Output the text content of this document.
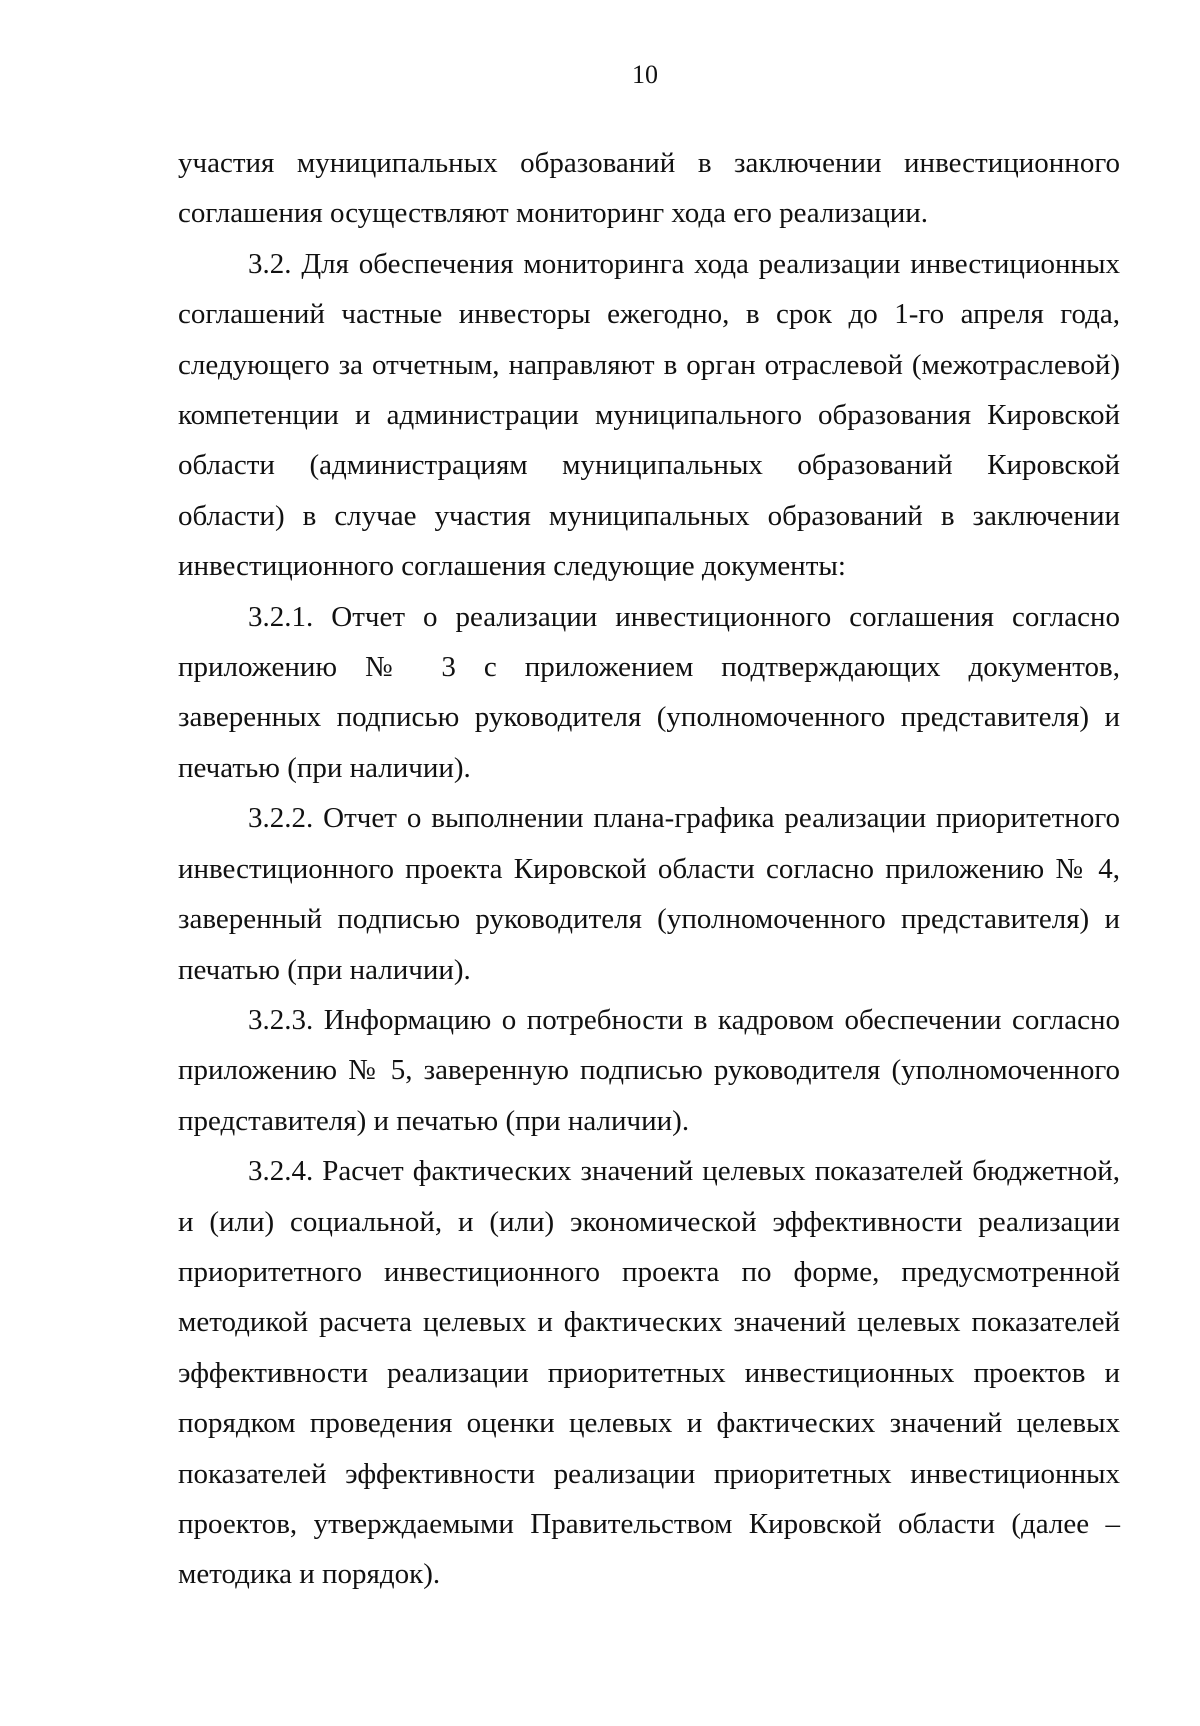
10

участия муниципальных образований в заключении инвестиционного соглашения осуществляют мониторинг хода его реализации.

3.2. Для обеспечения мониторинга хода реализации инвестиционных соглашений частные инвесторы ежегодно, в срок до 1-го апреля года, следующего за отчетным, направляют в орган отраслевой (межотраслевой) компетенции и администрации муниципального образования Кировской области (администрациям муниципальных образований Кировской области) в случае участия муниципальных образований в заключении инвестиционного соглашения следующие документы:

3.2.1. Отчет о реализации инвестиционного соглашения согласно приложению № 3 с приложением подтверждающих документов, заверенных подписью руководителя (уполномоченного представителя) и печатью (при наличии).

3.2.2. Отчет о выполнении плана-графика реализации приоритетного инвестиционного проекта Кировской области согласно приложению № 4, заверенный подписью руководителя (уполномоченного представителя) и печатью (при наличии).

3.2.3. Информацию о потребности в кадровом обеспечении согласно приложению № 5, заверенную подписью руководителя (уполномоченного представителя) и печатью (при наличии).

3.2.4. Расчет фактических значений целевых показателей бюджетной, и (или) социальной, и (или) экономической эффективности реализации приоритетного инвестиционного проекта по форме, предусмотренной методикой расчета целевых и фактических значений целевых показателей эффективности реализации приоритетных инвестиционных проектов и порядком проведения оценки целевых и фактических значений целевых показателей эффективности реализации приоритетных инвестиционных проектов, утверждаемыми Правительством Кировской области (далее – методика и порядок).
